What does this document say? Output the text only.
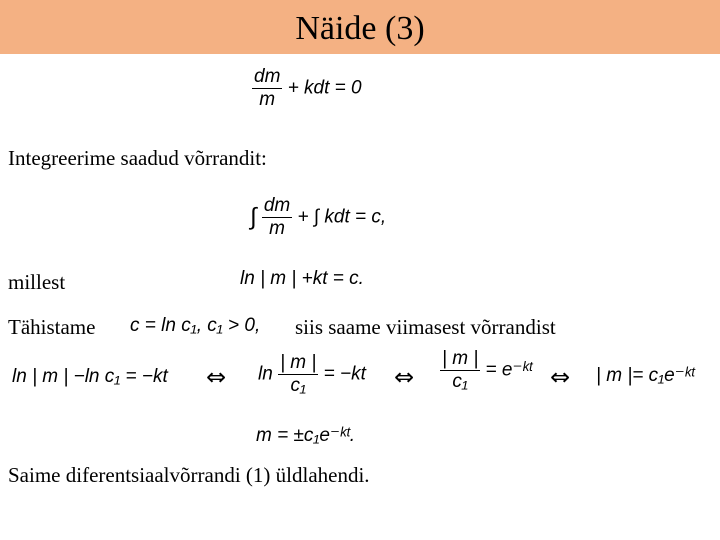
Näide (3)
$\frac{dm}{m}$ + kdt = 0
Integreerime saadud võrrandit:
∫ $\frac{dm}{m}$ + ∫ kdt = c,
millest	ln | m | +kt = c.
Tähistame c = ln c₁, c₁ > 0, siis saame viimasest võrrandist
ln | m | −ln c₁ = −kt ⇔ $\ln \frac{| m |}{\text{c₁}} = -kt$ ⇔ $\frac{| m |}{\text{c₁}}$ = e⁻ᵏᵗ ⇔ | m |= c₁e⁻ᵏᵗ
m = ±c₁e⁻ᵏᵗ.
Saime diferentsiaalvõrrandi (1) üldlahendi.
